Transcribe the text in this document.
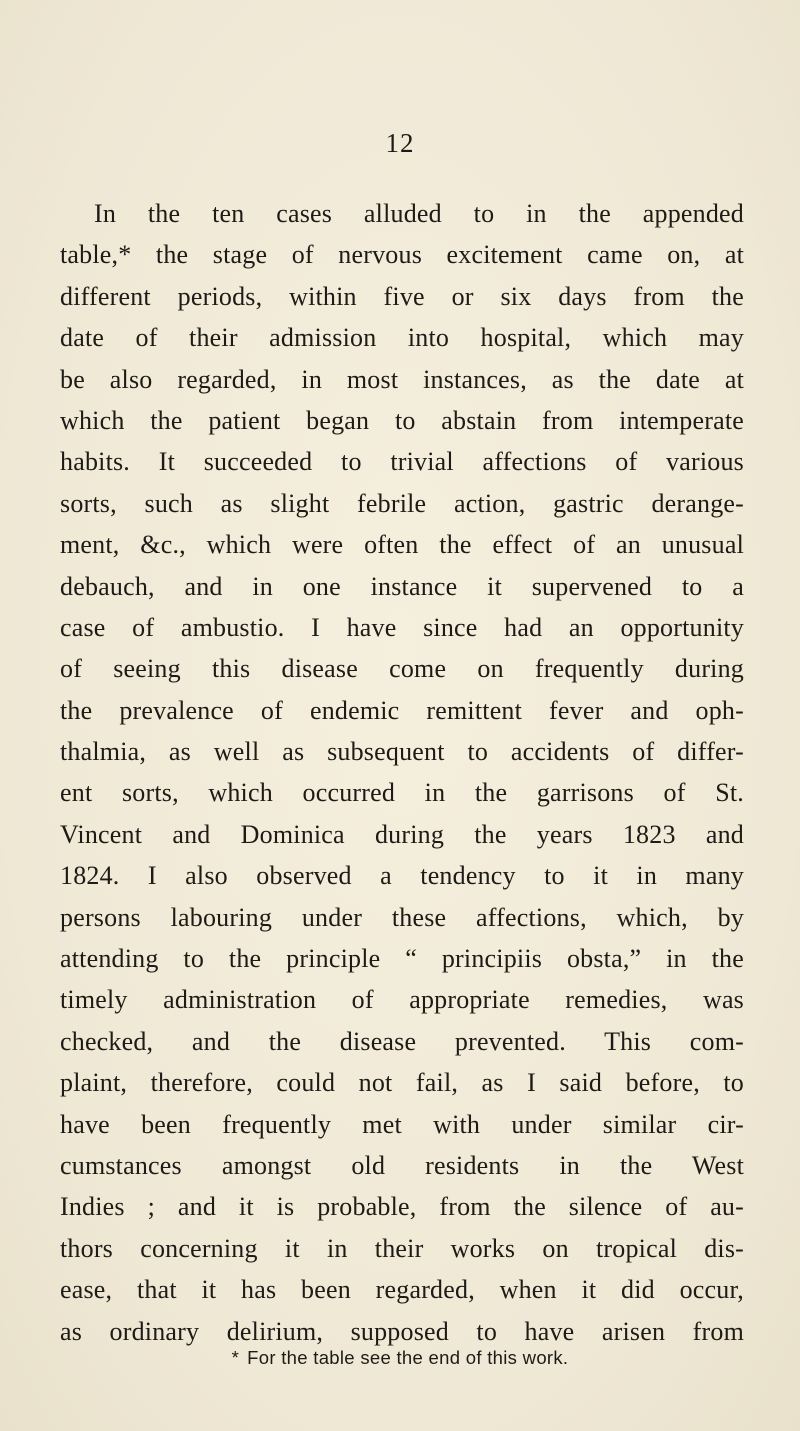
12
In the ten cases alluded to in the appended
table,* the stage of nervous excitement came on, at
different periods, within five or six days from the
date of their admission into hospital, which may
be also regarded, in most instances, as the date at
which the patient began to abstain from intemperate
habits. It succeeded to trivial affections of various
sorts, such as slight febrile action, gastric derange-
ment, &c., which were often the effect of an unusual
debauch, and in one instance it supervened to a
case of ambustio. I have since had an opportunity
of seeing this disease come on frequently during
the prevalence of endemic remittent fever and oph-
thalmia, as well as subsequent to accidents of differ-
ent sorts, which occurred in the garrisons of St.
Vincent and Dominica during the years 1823 and
1824. I also observed a tendency to it in many
persons labouring under these affections, which, by
attending to the principle “ principiis obsta,” in the
timely administration of appropriate remedies, was
checked, and the disease prevented. This com-
plaint, therefore, could not fail, as I said before, to
have been frequently met with under similar cir-
cumstances amongst old residents in the West
Indies ; and it is probable, from the silence of au-
thors concerning it in their works on tropical dis-
ease, that it has been regarded, when it did occur,
as ordinary delirium, supposed to have arisen from
* For the table see the end of this work.
